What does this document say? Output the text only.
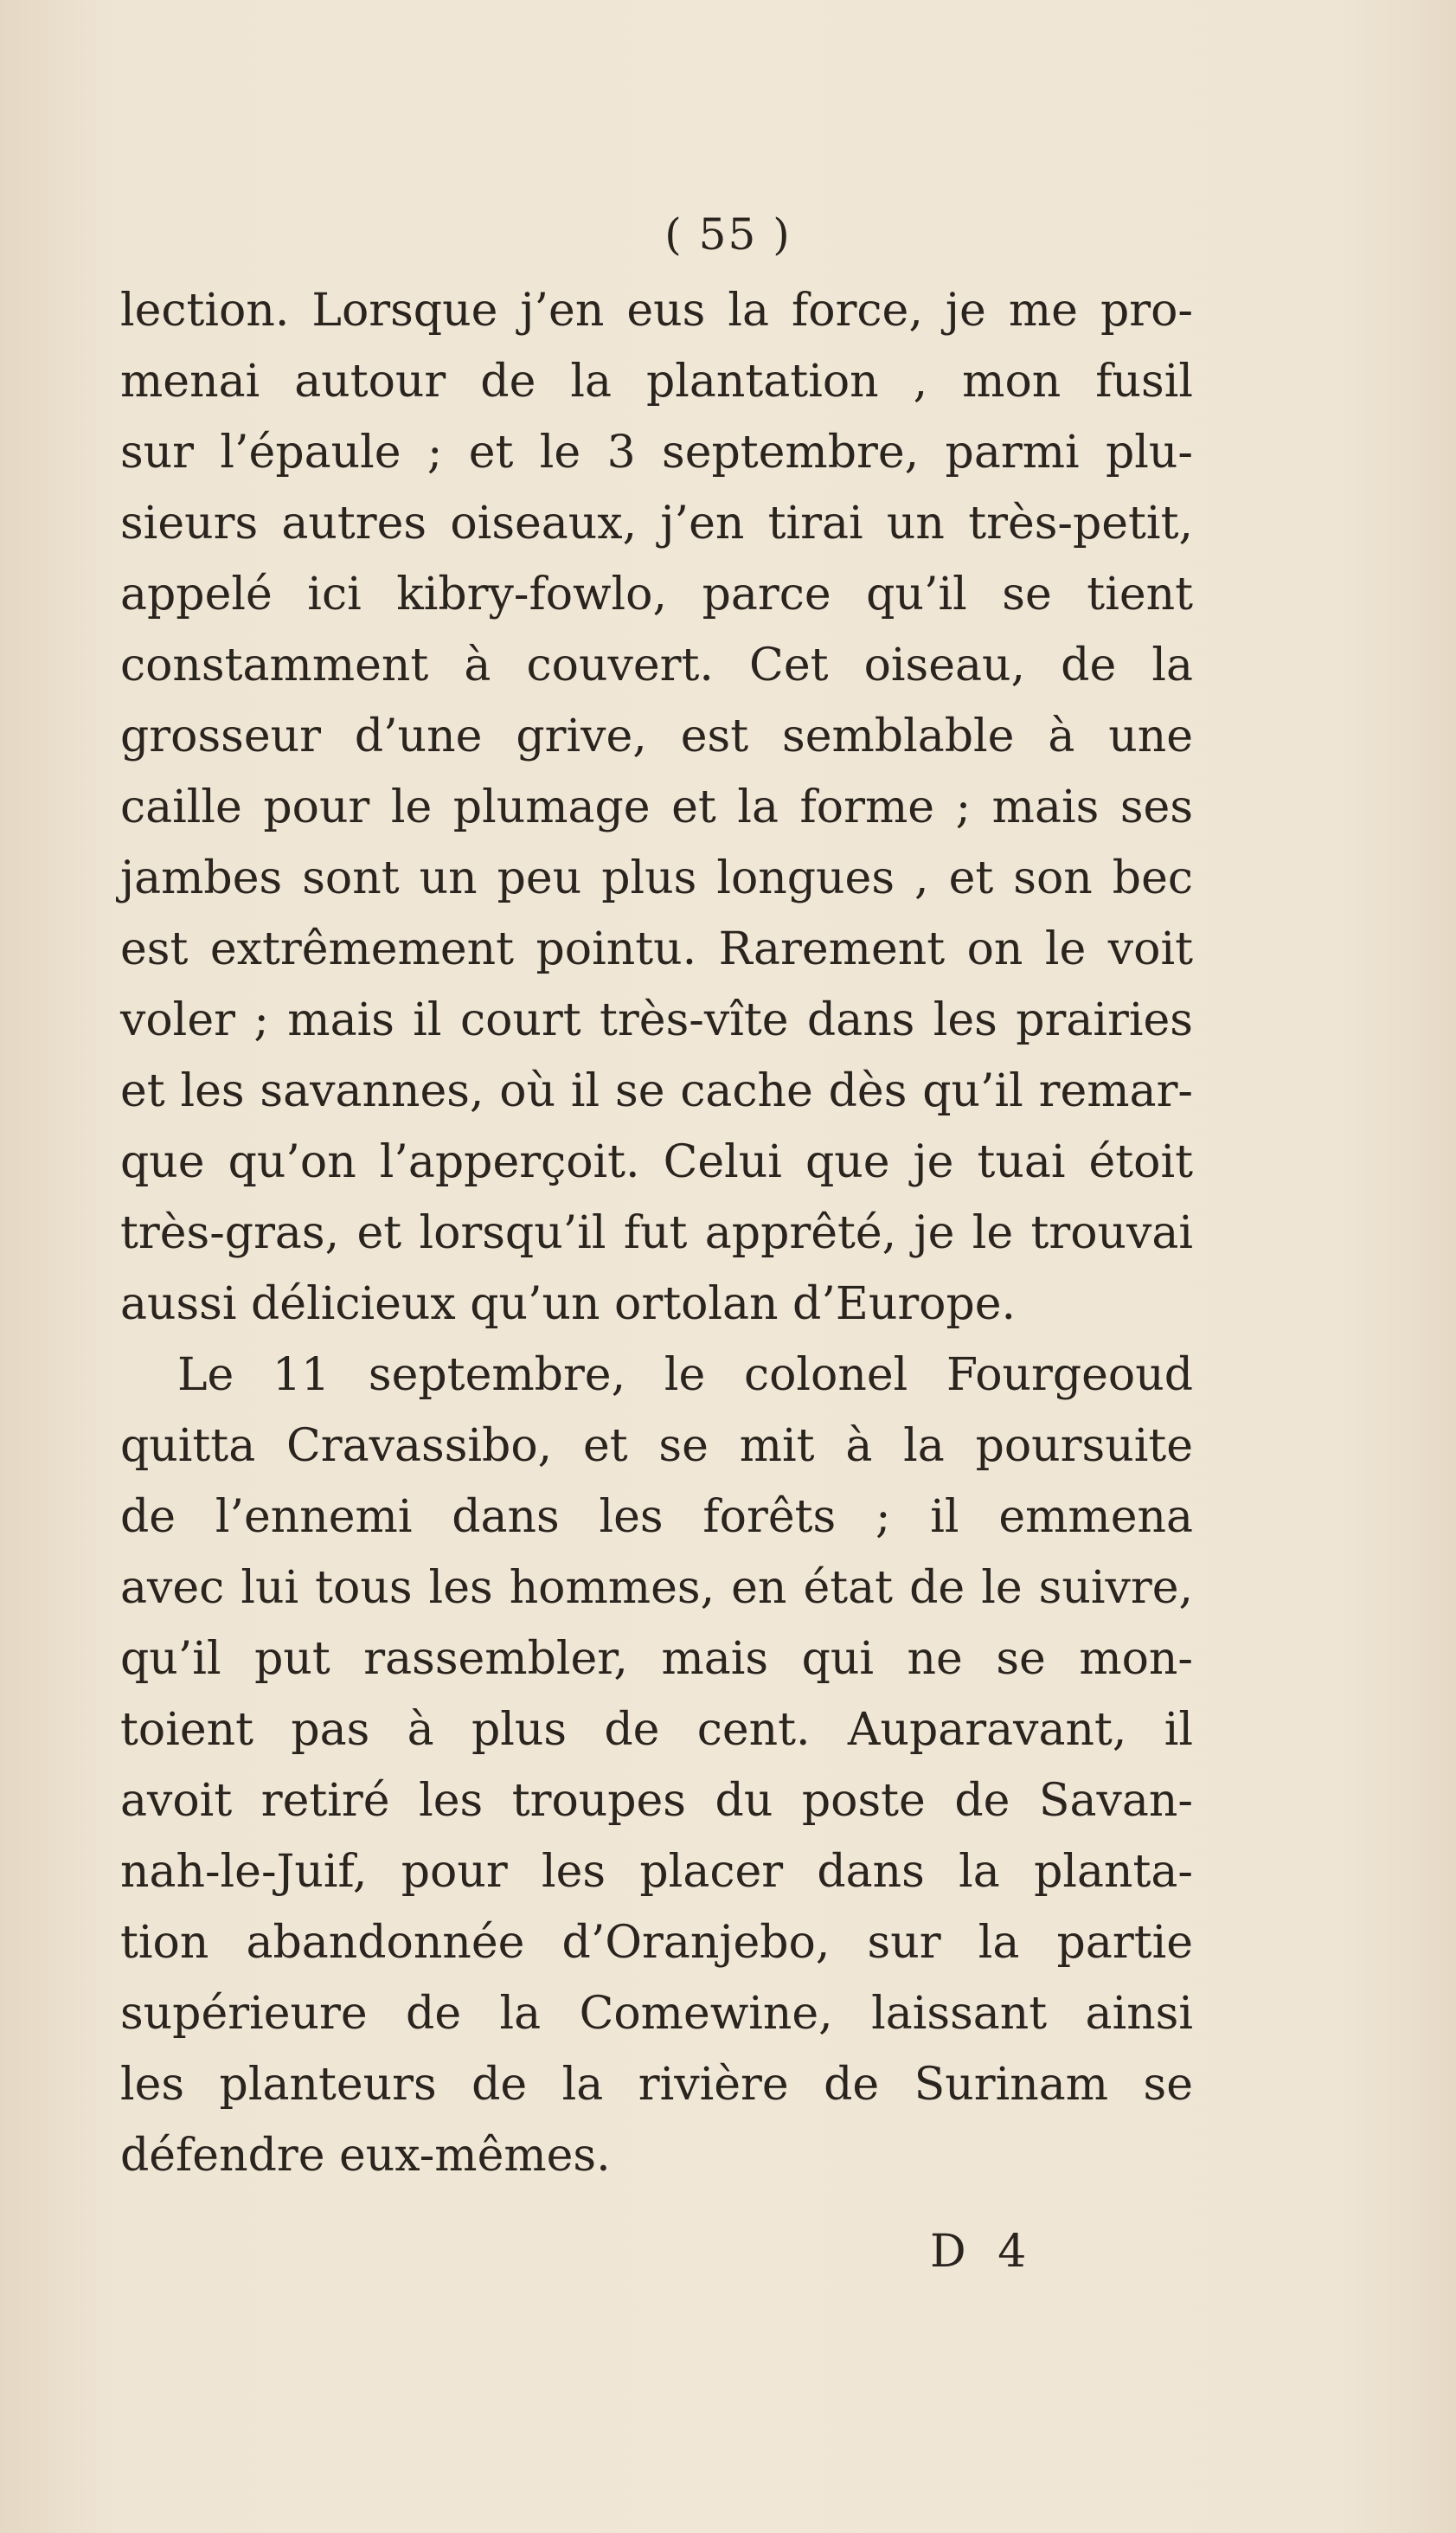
( 55 )
lection. Lorsque j’en eus la force, je me pro-
menai autour de la plantation , mon fusil
sur l’épaule ; et le 3 septembre, parmi plu-
sieurs autres oiseaux, j’en tirai un très-petit,
appelé ici kibry-fowlo, parce qu’il se tient
constamment à couvert. Cet oiseau, de la
grosseur d’une grive, est semblable à une
caille pour le plumage et la forme ; mais ses
jambes sont un peu plus longues , et son bec
est extrêmement pointu. Rarement on le voit
voler ; mais il court très-vîte dans les prairies
et les savannes, où il se cache dès qu’il remar-
que qu’on l’apperçoit. Celui que je tuai étoit
très-gras, et lorsqu’il fut apprêté, je le trouvai
aussi délicieux qu’un ortolan d’Europe.
Le 11 septembre, le colonel Fourgeoud
quitta Cravassibo, et se mit à la poursuite
de l’ennemi dans les forêts ; il emmena
avec lui tous les hommes, en état de le suivre,
qu’il put rassembler, mais qui ne se mon-
toient pas à plus de cent. Auparavant, il
avoit retiré les troupes du poste de Savan-
nah-le-Juif, pour les placer dans la planta-
tion abandonnée d’Oranjebo, sur la partie
supérieure de la Comewine, laissant ainsi
les planteurs de la rivière de Surinam se
défendre eux-mêmes.
D 4
